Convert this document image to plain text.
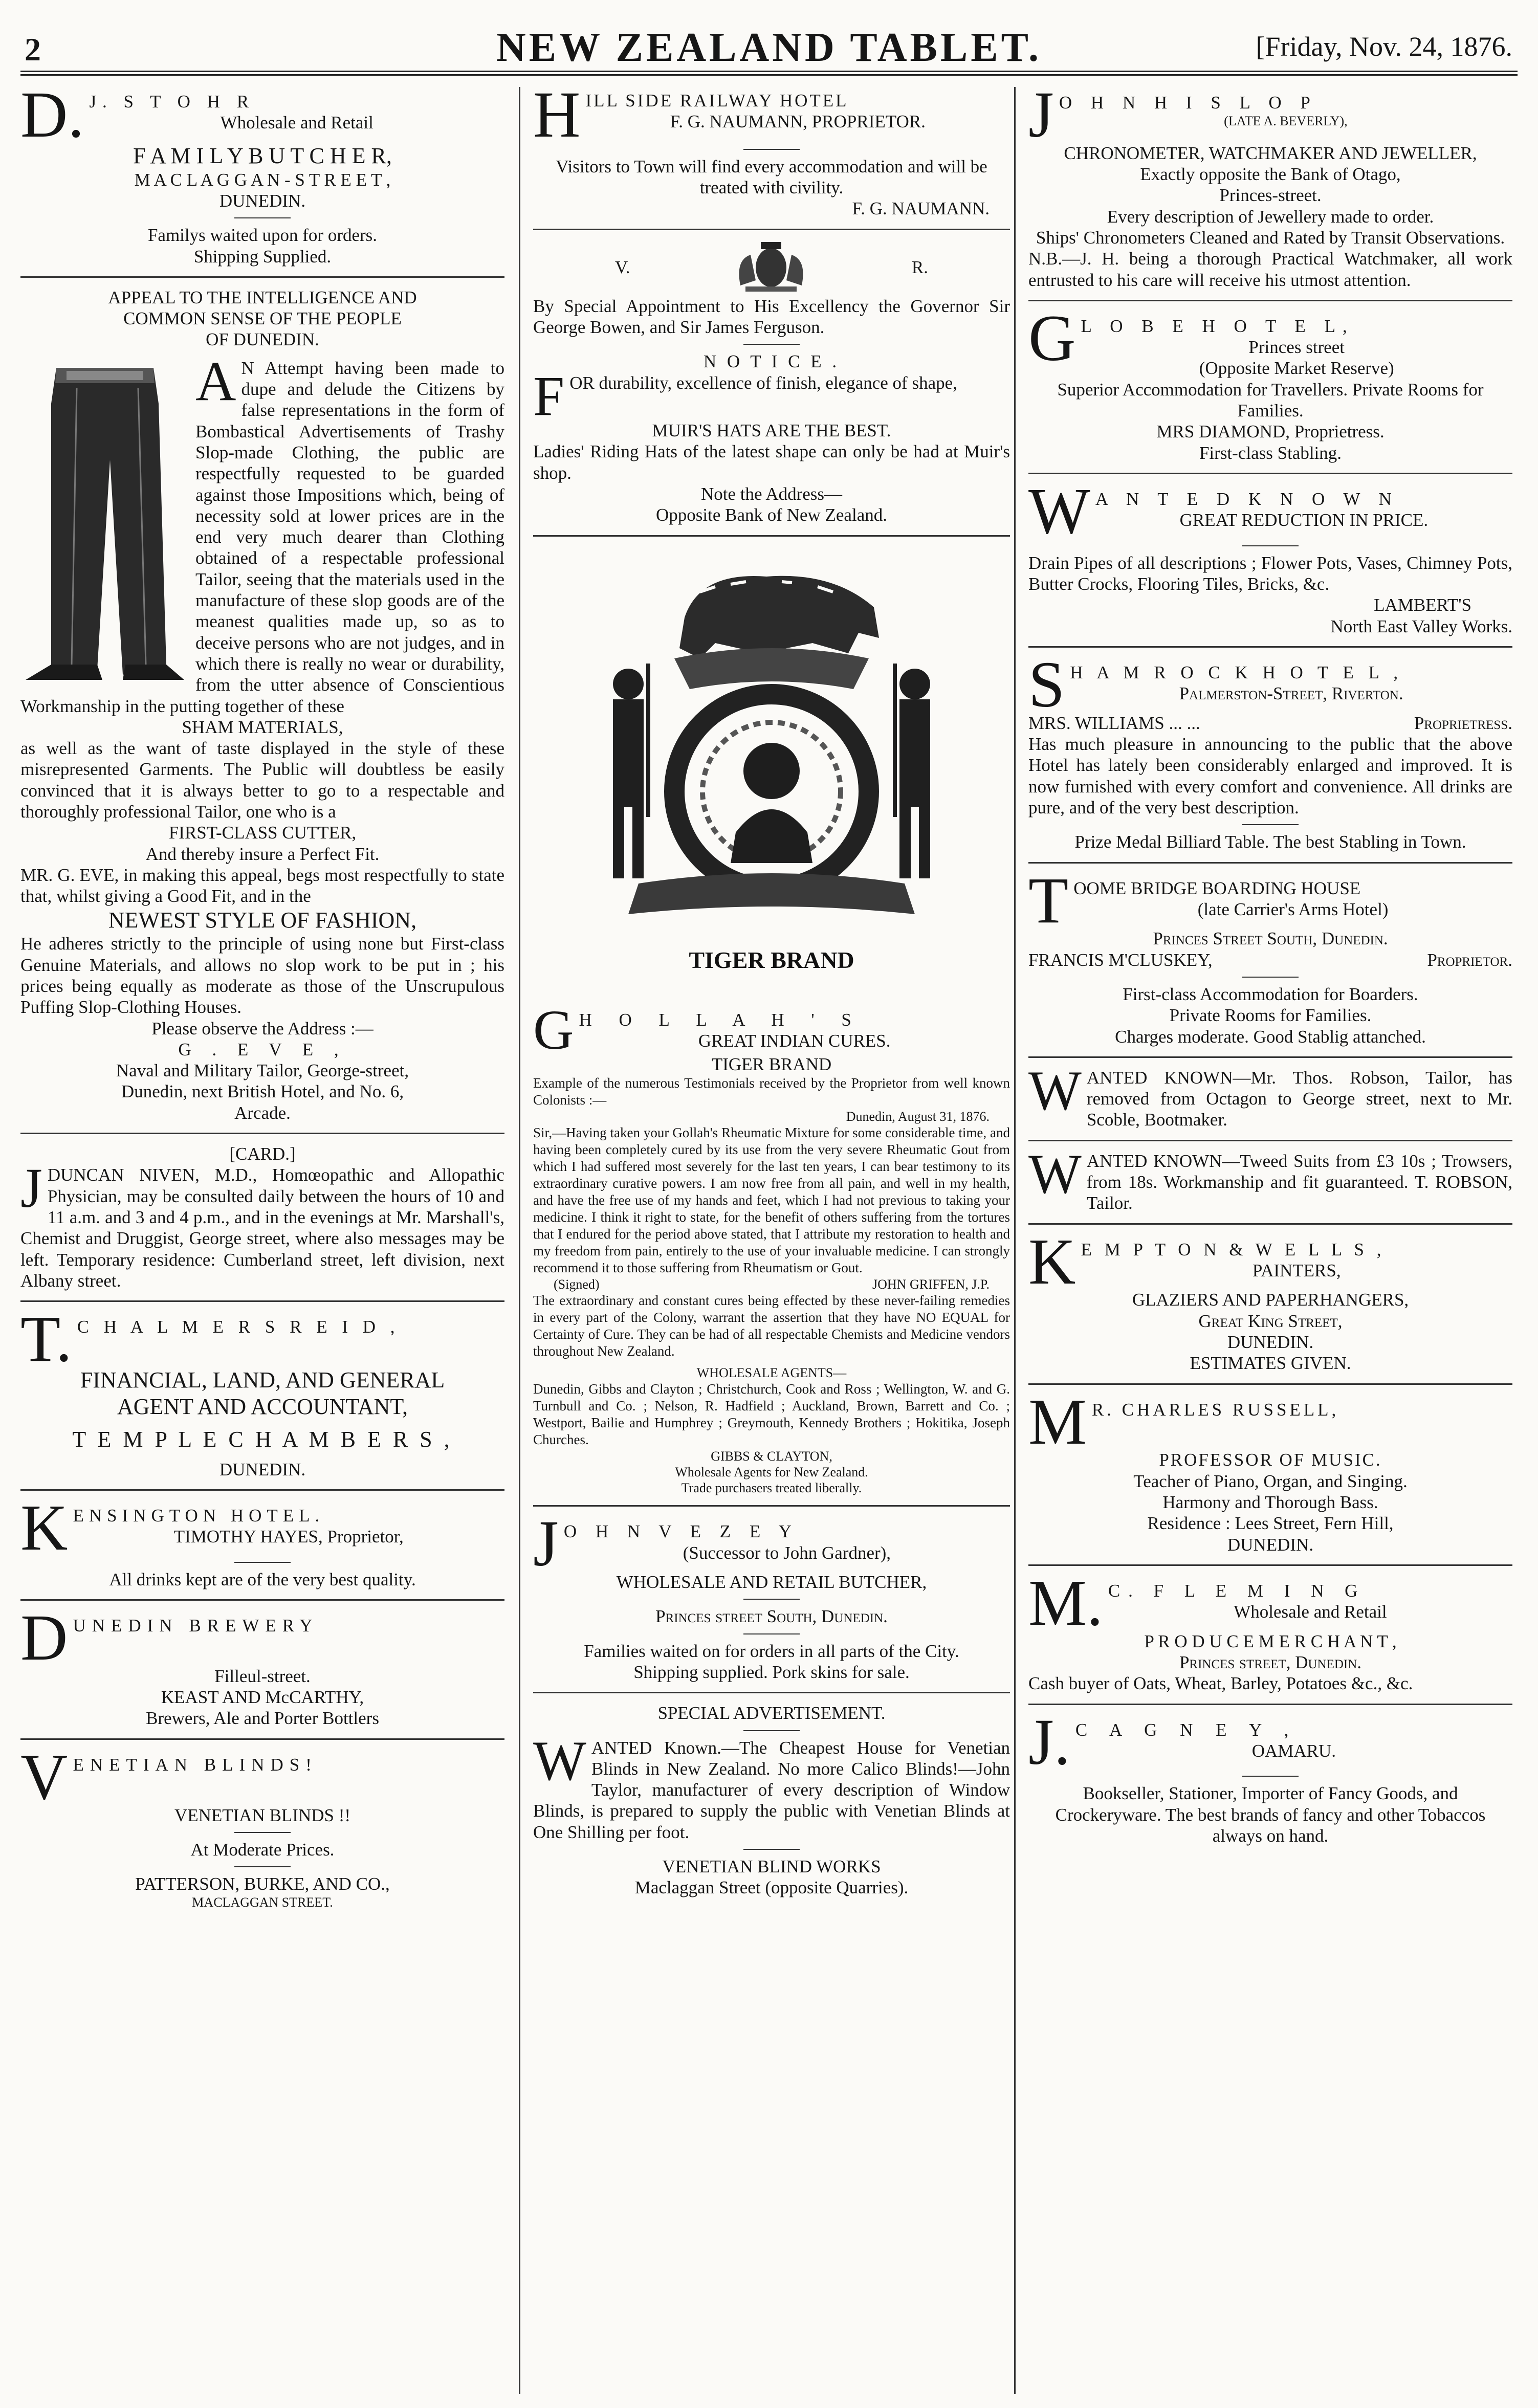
2	NEW ZEALAND TABLET.	[Friday, Nov. 24, 1876.
D. J. S T O H R

Wholesale and Retail

F A M I L Y B U T C H E R,

M A C L A G G A N - S T R E E T ,

DUNEDIN.

Familys waited upon for orders.

Shipping Supplied.

APPEAL TO THE INTELLIGENCE AND

COMMON SENSE OF THE PEOPLE

OF DUNEDIN.

A N Attempt having been made to dupe and delude the Citizens by false representations in the form of Bombastical Advertisements of Trashy Slop-made Clothing, the public are respectfully requested to be guarded against those Impositions which, being of necessity sold at lower prices are in the end very much dearer than Clothing obtained of a respectable professional Tailor, seeing that the materials used in the manufacture of these slop goods are of the meanest qualities made up, so as to deceive persons who are not judges, and in which there is really no wear or durability, from the utter absence of Conscientious Workmanship in the putting together of these

SHAM MATERIALS,

as well as the want of taste displayed in the style of these misrepresented Garments. The Public will doubtless be easily convinced that it is always better to go to a respectable and thoroughly professional Tailor, one who is a

FIRST-CLASS CUTTER,

And thereby insure a Perfect Fit.

MR. G. EVE, in making this appeal, begs most respectfully to state that, whilst giving a Good Fit, and in the

NEWEST STYLE OF FASHION,

He adheres strictly to the principle of using none but First-class Genuine Materials, and allows no slop work to be put in ; his prices being equally as moderate as those of the Unscrupulous Puffing Slop-Clothing Houses.

Please observe the Address :—

G . E V E ,

Naval and Military Tailor, George-street,

Dunedin, next British Hotel, and No. 6,

Arcade.

[CARD.]

J DUNCAN NIVEN, M.D., Homœopathic and Allopathic Physician, may be consulted daily between the hours of 10 and 11 a.m. and 3 and 4 p.m., and in the evenings at Mr. Marshall's, Chemist and Druggist, George street, where also messages may be left. Temporary residence: Cumberland street, left division, next Albany street.
T. C H A L M E R S R E I D ,

FINANCIAL, LAND, AND GENERAL

AGENT AND ACCOUNTANT,

T E M P L E C H A M B E R S ,

DUNEDIN.

K ENSINGTON HOTEL.

TIMOTHY HAYES, Proprietor,

All drinks kept are of the very best quality.

D UNEDIN BREWERY

Filleul-street.

KEAST AND McCARTHY,

Brewers, Ale and Porter Bottlers

V ENETIAN BLINDS!

VENETIAN BLINDS !!

At Moderate Prices.

PATTERSON, BURKE, AND CO.,

MACLAGGAN STREET.

H ILL SIDE RAILWAY HOTEL

F. G. NAUMANN, PROPRIETOR.

Visitors to Town will find every accommodation and will be treated with civility.

F. G. NAUMANN.

V.	R.

By Special Appointment to His Excellency the Governor Sir George Bowen, and Sir James Ferguson.

N O T I C E .

F OR durability, excellence of finish, elegance of shape,

MUIR'S HATS ARE THE BEST.

Ladies' Riding Hats of the latest shape can only be had at Muir's shop.

Note the Address—

Opposite Bank of New Zealand.

TIGER BRAND
G H O L L A H ' S

GREAT INDIAN CURES.

TIGER BRAND

Example of the numerous Testimonials received by the Proprietor from well known Colonists :—

Dunedin, August 31, 1876.

Sir,—Having taken your Gollah's Rheumatic Mixture for some considerable time, and having been completely cured by its use from the very severe Rheumatic Gout from which I had suffered most severely for the last ten years, I can bear testimony to its extraordinary curative powers. I am now free from all pain, and well in my health, and have the free use of my hands and feet, which I had not previous to taking your medicine. I think it right to state, for the benefit of others suffering from the tortures that I endured for the period above stated, that I attribute my restoration to health and my freedom from pain, entirely to the use of your invaluable medicine. I can strongly recommend it to those suffering from Rheumatism or Gout.

(Signed)	JOHN GRIFFEN, J.P.

The extraordinary and constant cures being effected by these never-failing remedies in every part of the Colony, warrant the assertion that they have NO EQUAL for Certainty of Cure. They can be had of all respectable Chemists and Medicine vendors throughout New Zealand.

WHOLESALE AGENTS—

Dunedin, Gibbs and Clayton ; Christchurch, Cook and Ross ; Wellington, W. and G. Turnbull and Co. ; Nelson, R. Hadfield ; Auckland, Brown, Barrett and Co. ; Westport, Bailie and Humphrey ; Greymouth, Kennedy Brothers ; Hokitika, Joseph Churches.

GIBBS & CLAYTON,

Wholesale Agents for New Zealand.

Trade purchasers treated liberally.

J O H N V E Z E Y

(Successor to John Gardner),

WHOLESALE AND RETAIL BUTCHER,

Princes street South, Dunedin.

Families waited on for orders in all parts of the City.

Shipping supplied. Pork skins for sale.

SPECIAL ADVERTISEMENT.

W ANTED Known.—The Cheapest House for Venetian Blinds in New Zealand. No more Calico Blinds!—John Taylor, manufacturer of every description of Window Blinds, is prepared to supply the public with Venetian Blinds at One Shilling per foot.

VENETIAN BLIND WORKS

Maclaggan Street (opposite Quarries).

J O H N H I S L O P

(LATE A. BEVERLY),

CHRONOMETER, WATCHMAKER AND JEWELLER,

Exactly opposite the Bank of Otago,

Princes-street.

Every description of Jewellery made to order.

Ships' Chronometers Cleaned and Rated by Transit Observations.

N.B.—J. H. being a thorough Practical Watchmaker, all work entrusted to his care will receive his utmost attention.

G L O B E H O T E L,

Princes street

(Opposite Market Reserve)

Superior Accommodation for Travellers. Private Rooms for Families.

MRS DIAMOND, Proprietress.

First-class Stabling.

W A N T E D K N O W N

GREAT REDUCTION IN PRICE.

Drain Pipes of all descriptions ; Flower Pots, Vases, Chimney Pots, Butter Crocks, Flooring Tiles, Bricks, &c.

LAMBERT'S

North East Valley Works.

S H A M R O C K H O T E L ,

Palmerston-Street, Riverton.

MRS. WILLIAMS ... ...	Proprietress.

Has much pleasure in announcing to the public that the above Hotel has lately been considerably enlarged and improved. It is now furnished with every comfort and convenience. All drinks are pure, and of the very best description.

Prize Medal Billiard Table. The best Stabling in Town.

T OOME BRIDGE BOARDING HOUSE

(late Carrier's Arms Hotel)

Princes Street South, Dunedin.

FRANCIS M'CLUSKEY,	Proprietor.

First-class Accommodation for Boarders.

Private Rooms for Families.

Charges moderate. Good Stablig attanched.

W ANTED KNOWN—Mr. Thos. Robson, Tailor, has removed from Octagon to George street, next to Mr. Scoble, Bootmaker.
W ANTED KNOWN—Tweed Suits from £3 10s ; Trowsers, from 18s. Workmanship and fit guaranteed. T. ROBSON, Tailor.
K E M P T O N & W E L L S ,

PAINTERS,

GLAZIERS AND PAPERHANGERS,

Great King Street,

DUNEDIN.

ESTIMATES GIVEN.

M R. CHARLES RUSSELL,

PROFESSOR OF MUSIC.

Teacher of Piano, Organ, and Singing.

Harmony and Thorough Bass.

Residence : Lees Street, Fern Hill,

DUNEDIN.

M. C. F L E M I N G

Wholesale and Retail

P R O D U C E M E R C H A N T ,

Princes street, Dunedin.

Cash buyer of Oats, Wheat, Barley, Potatoes &c., &c.

J. C A G N E Y ,

OAMARU.

Bookseller, Stationer, Importer of Fancy Goods, and Crockeryware. The best brands of fancy and other Tobaccos always on hand.
